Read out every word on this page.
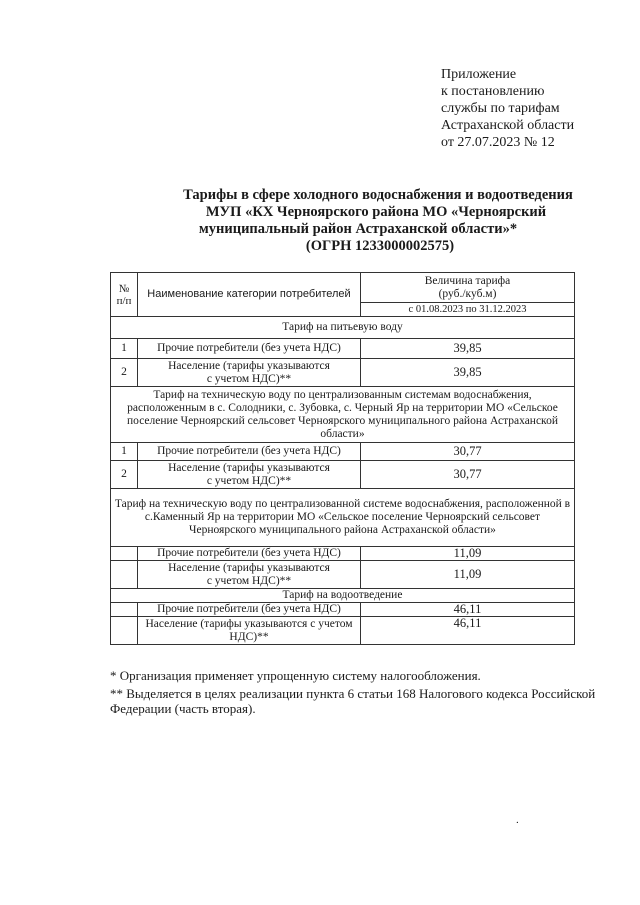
Приложение
к постановлению
службы по тарифам
Астраханской области
от 27.07.2023 № 12
Тарифы в сфере холодного водоснабжения и водоотведения
МУП «КХ Черноярского района МО «Черноярский
муниципальный район Астраханской области»*
(ОГРН 1233000002575)
№
п/п	Наименование категории потребителей	Величина тарифа
(руб./куб.м)
		с 01.08.2023 по 31.12.2023
Тариф на питьевую воду		
1	Прочие потребители (без учета НДС)	39,85
2	Население (тарифы указываются
с учетом НДС)**	39,85
Тариф на техническую воду по централизованным системам водоснабжения, расположенным в с. Солодники, с. Зубовка, с. Черный Яр на территории МО «Сельское поселение Черноярский сельсовет Черноярского муниципального района Астраханской области»		
1	Прочие потребители (без учета НДС)	30,77
2	Население (тарифы указываются
с учетом НДС)**	30,77
Тариф на техническую воду по централизованной системе водоснабжения, расположенной в с.Каменный Яр на территории МО «Сельское поселение Черноярский сельсовет Черноярского муниципального района Астраханской области»		
	Прочие потребители (без учета НДС)	11,09
	Население (тарифы указываются
с учетом НДС)**	11,09
Тариф на водоотведение		
	Прочие потребители (без учета НДС)	46,11
	Население (тарифы указываются с учетом
НДС)**	46,11

* Организация применяет упрощенную систему налогообложения.

** Выделяется в целях реализации пункта 6 статьи 168 Налогового кодекса Российской Федерации (часть вторая).

.
